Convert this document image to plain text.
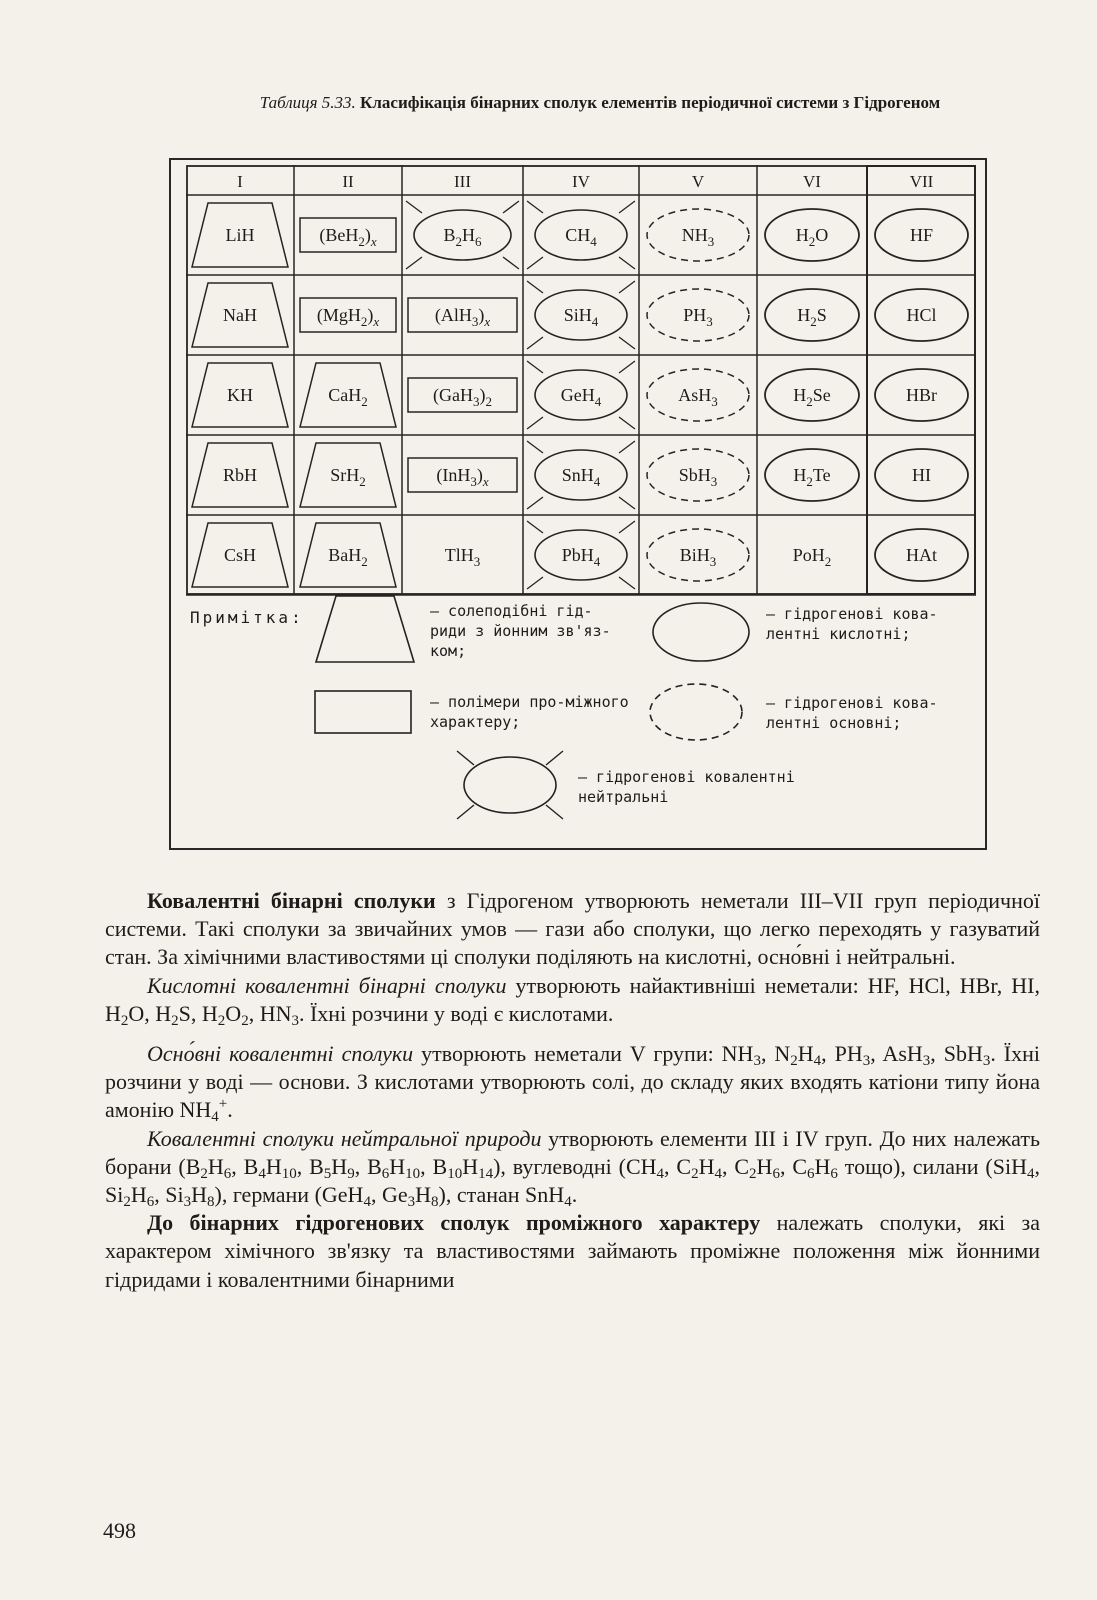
Таблиця 5.33. Класифікація бінарних сполук елементів періодичної системи з Гідрогеном
I	II	III	IV	V	VI	VII
LiH	$(BeH_2)_x$	$B_2H_6$	$CH_4$	$NH_3$	$H_2O$	HF
NaH	$(MgH_2)_x$	$(AlH_3)_x$	SiH$_4$	$PH_3$	$H_2S$	HCl
KH	CaH$_2$	$(GaH_3)_2$	GeH$_4$	AsH$_3$	$H_2Se$	HBr
RbH	SrH$_2$	$(InH_3)_x$	SnH$_4$	SbH$_3$	$H_2Te$	HI
CsH	BaH$_2$	TlH$_3$	PbH$_4$	BiH$_3$	PoH$_2$	HAt
Примітка:	– солеподібні гід-риди з йонним зв'яз-ком;
– гідрогенові кова-лентні кислотні;
– полімери про-міжного характеру;
– гідрогенові кова-лентні основні;
– гідрогенові ковалентні нейтральні

Ковалентні бінарні сполуки з Гідрогеном утворюють неметали III–VII груп періодичної системи. Такі сполуки за звичайних умов — гази або сполуки, що легко переходять у газуватий стан. За хімічними властивостями ці сполуки поділяють на кислотні, осно́вні і нейтральні.

Кислотні ковалентні бінарні сполуки утворюють найактивніші неметали: HF, HCl, HBr, HI, $H_2O$, $H_2S$, $H_2O_2$, $HN_3$. Їхні розчини у воді є кислотами.

Осно́вні ковалентні сполуки утворюють неметали V групи: $NH_3$, $N_2H_4$, $PH_3$, AsH$_3$, SbH$_3$. Їхні розчини у воді — основи. З кислотами утворюють солі, до складу яких входять катіони типу йона амонію $NH_4^+$.

Ковалентні сполуки нейтральної природи утворюють елементи III і IV груп. До них належать борани ($B_2H_6$, $B_4H_{10}$, $B_5H_9$, $B_6H_{10}$, $B_{10}H_{14}$), вуглеводні ($CH_4$, $C_2H_4$, $C_2H_6$, $C_6H_6$ тощо), силани (SiH$_4$, $Si_2H_6$, $Si_3H_8$), германи (GeH$_4$, $Ge_3H_8$), станан SnH$_4$.

До бінарних гідрогенових сполук проміжного характеру належать сполуки, які за характером хімічного зв'язку та властивостями займають проміжне положення між йонними гідридами і ковалентними бінарними

498
